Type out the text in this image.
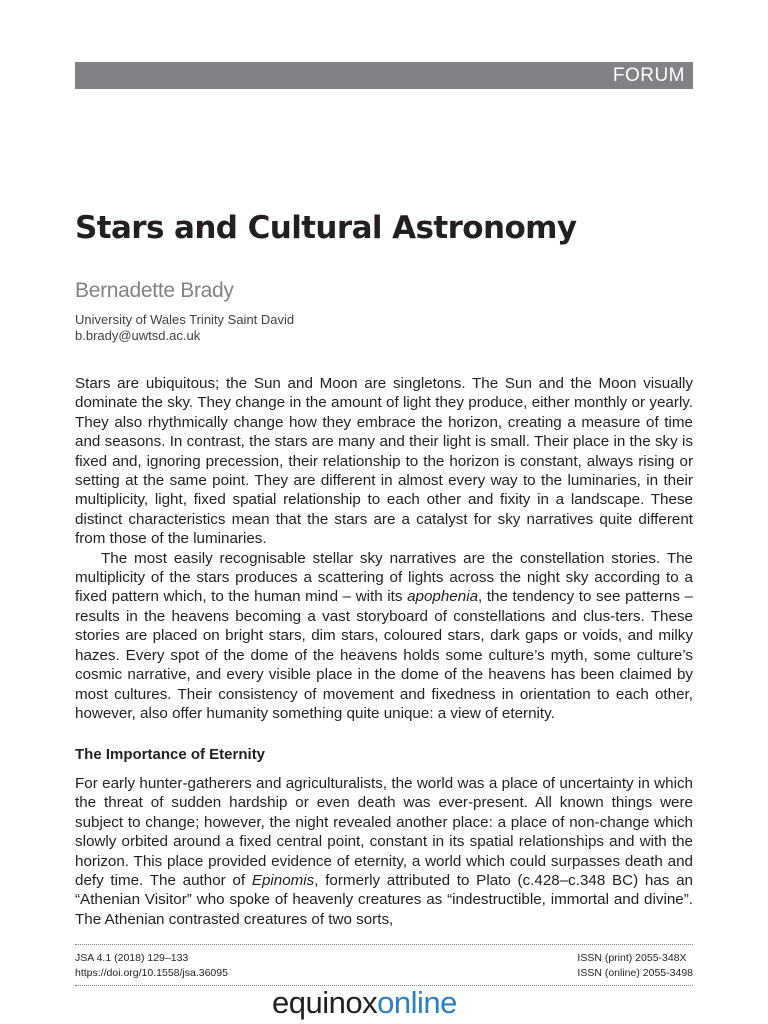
FORUM
Stars and Cultural Astronomy
Bernadette Brady
University of Wales Trinity Saint David
b.brady@uwtsd.ac.uk

Stars are ubiquitous; the Sun and Moon are singletons. The Sun and the Moon visually dominate the sky. They change in the amount of light they produce, either monthly or yearly. They also rhythmically change how they embrace the horizon, creating a measure of time and seasons. In contrast, the stars are many and their light is small. Their place in the sky is fixed and, ignoring precession, their relationship to the horizon is constant, always rising or setting at the same point. They are different in almost every way to the luminaries, in their multiplicity, light, fixed spatial relationship to each other and fixity in a landscape. These distinct characteristics mean that the stars are a catalyst for sky narratives quite different from those of the luminaries.

The most easily recognisable stellar sky narratives are the constellation stories. The multiplicity of the stars produces a scattering of lights across the night sky according to a fixed pattern which, to the human mind – with its apophenia, the tendency to see patterns – results in the heavens becoming a vast storyboard of constellations and clus-ters. These stories are placed on bright stars, dim stars, coloured stars, dark gaps or voids, and milky hazes. Every spot of the dome of the heavens holds some culture’s myth, some culture’s cosmic narrative, and every visible place in the dome of the heavens has been claimed by most cultures. Their consistency of movement and fixedness in orientation to each other, however, also offer humanity something quite unique: a view of eternity.

The Importance of Eternity

For early hunter-gatherers and agriculturalists, the world was a place of uncertainty in which the threat of sudden hardship or even death was ever-present. All known things were subject to change; however, the night revealed another place: a place of non-change which slowly orbited around a fixed central point, constant in its spatial relationships and with the horizon. This place provided evidence of eternity, a world which could surpasses death and defy time. The author of Epinomis, formerly attributed to Plato (c.428–c.348 BC) has an “Athenian Visitor” who spoke of heavenly creatures as “indestructible, immortal and divine”. The Athenian contrasted creatures of two sorts,

JSA 4.1 (2018) 129–133
https://doi.org/10.1558/jsa.36095
ISSN (print) 2055-348X
ISSN (online) 2055-3498
equinox online
